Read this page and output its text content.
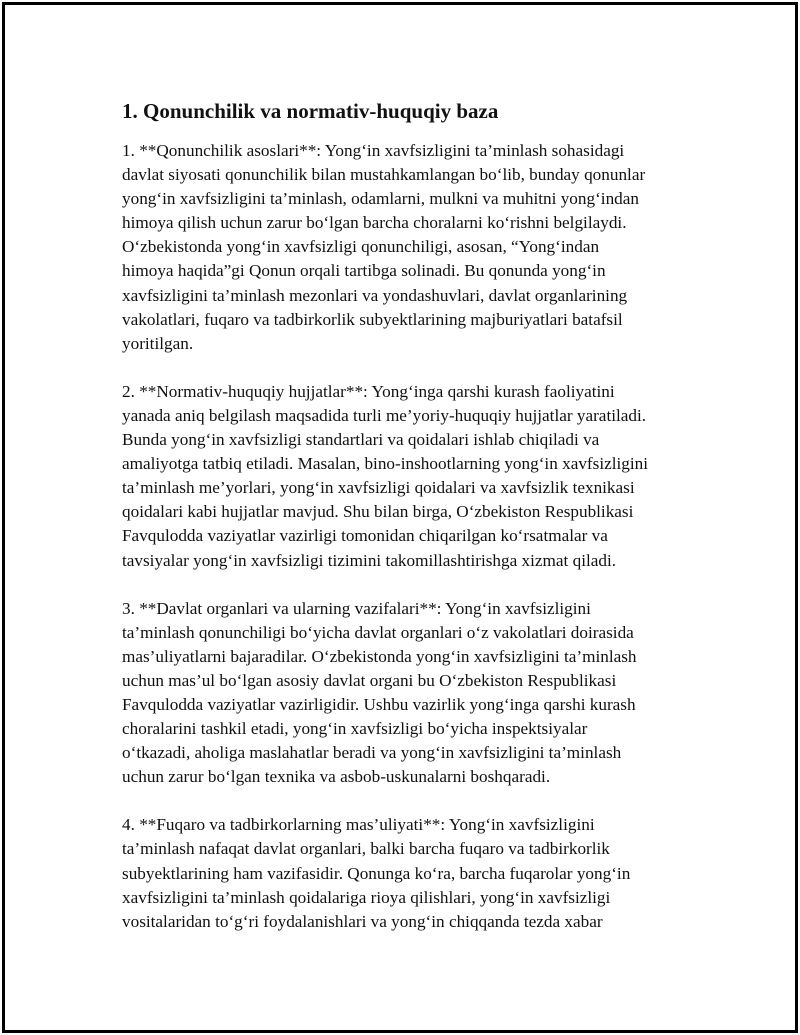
1. Qonunchilik va normativ-huquqiy baza
1. **Qonunchilik asoslari**: Yong‘in xavfsizligini ta’minlash sohasidagi
davlat siyosati qonunchilik bilan mustahkamlangan bo‘lib, bunday qonunlar
yong‘in xavfsizligini ta’minlash, odamlarni, mulkni va muhitni yong‘indan
himoya qilish uchun zarur bo‘lgan barcha choralarni ko‘rishni belgilaydi.
O‘zbekistonda yong‘in xavfsizligi qonunchiligi, asosan, “Yong‘indan
himoya haqida”gi Qonun orqali tartibga solinadi. Bu qonunda yong‘in
xavfsizligini ta’minlash mezonlari va yondashuvlari, davlat organlarining
vakolatlari, fuqaro va tadbirkorlik subyektlarining majburiyatlari batafsil
yoritilgan.
2. **Normativ-huquqiy hujjatlar**: Yong‘inga qarshi kurash faoliyatini
yanada aniq belgilash maqsadida turli me’yoriy-huquqiy hujjatlar yaratiladi.
Bunda yong‘in xavfsizligi standartlari va qoidalari ishlab chiqiladi va
amaliyotga tatbiq etiladi. Masalan, bino-inshootlarning yong‘in xavfsizligini
ta’minlash me’yorlari, yong‘in xavfsizligi qoidalari va xavfsizlik texnikasi
qoidalari kabi hujjatlar mavjud. Shu bilan birga, O‘zbekiston Respublikasi
Favqulodda vaziyatlar vazirligi tomonidan chiqarilgan ko‘rsatmalar va
tavsiyalar yong‘in xavfsizligi tizimini takomillashtirishga xizmat qiladi.
3. **Davlat organlari va ularning vazifalari**: Yong‘in xavfsizligini
ta’minlash qonunchiligi bo‘yicha davlat organlari o‘z vakolatlari doirasida
mas’uliyatlarni bajaradilar. O‘zbekistonda yong‘in xavfsizligini ta’minlash
uchun mas’ul bo‘lgan asosiy davlat organi bu O‘zbekiston Respublikasi
Favqulodda vaziyatlar vazirligidir. Ushbu vazirlik yong‘inga qarshi kurash
choralarini tashkil etadi, yong‘in xavfsizligi bo‘yicha inspektsiyalar
o‘tkazadi, aholiga maslahatlar beradi va yong‘in xavfsizligini ta’minlash
uchun zarur bo‘lgan texnika va asbob-uskunalarni boshqaradi.
4. **Fuqaro va tadbirkorlarning mas’uliyati**: Yong‘in xavfsizligini
ta’minlash nafaqat davlat organlari, balki barcha fuqaro va tadbirkorlik
subyektlarining ham vazifasidir. Qonunga ko‘ra, barcha fuqarolar yong‘in
xavfsizligini ta’minlash qoidalariga rioya qilishlari, yong‘in xavfsizligi
vositalaridan to‘g‘ri foydalanishlari va yong‘in chiqqanda tezda xabar
